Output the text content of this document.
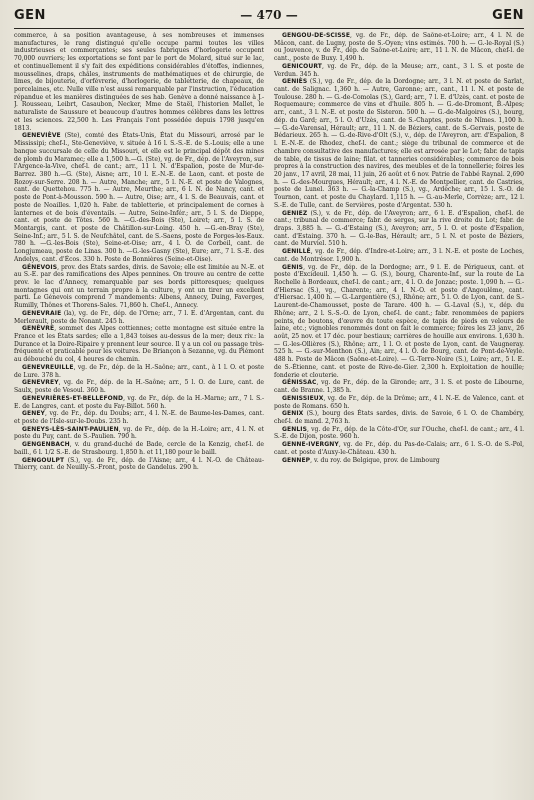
GEN	— 470 —	GEN

commerce, à sa position avantageuse, à ses nombreuses et immenses manufactures, le rang distingué qu'elle occupe parmi toutes les villes industrieuses et commerçantes; ses seules fabriques d'horlogerie occupent 70,000 ouvriers; les exportations se font par le port de Molard, situé sur le lac, et continuellement il s'y fait des expéditions considérables d'étoffes, indiennes, mousselines, draps, châles, instruments de mathématiques et de chirurgie, de limes, de bijouterie, d'orfévrerie, d'horlogerie, de tabletterie, de chapeaux, de porcelaines, etc. Nulle ville n'est aussi remarquable par l'instruction, l'éducation répandue et les manières distinguées de ses hab. Genève a donné naissance à J.-J. Rousseau, Leibrt, Casaubon, Necker, Mme de Staël, l'historien Mallet, le naturaliste de Saussure et beaucoup d'autres hommes célèbres dans les lettres et les sciences. 22,500 h. Les Français l'ont possédée depuis 1798 jusqu'en 1813.

GENEVIÈVE (Ste), comté des États-Unis, État du Missouri, arrosé par le Mississipi; chef-l., Ste-Geneviève, v. située à 16 l. S.-S.-E. de S.-Louis; elle a une banque succursale de celle du Missouri, et elle est le principal dépôt des mines de plomb du Maramec; elle a 1,500 h.—G. (Ste), vg. de Fr., dép. de l'Aveyron, sur l'Argence-la-Vive, chef-l. de cant.; arr., 11 l. N. d'Espalion, poste de Mur-de-Barrez. 380 h.—G. (Ste), Aisne; arr., 10 l. E.-N.-E. de Laon, cant. et poste de Rozoy-sur-Serre. 208 h. — Autre, Manche; arr., 5 l. N.-E. et poste de Valognes, cant. de Quettehou. 775 h. — Autre, Meurthe; arr., 6 l. N. de Nancy, cant. et poste de Pont-à-Mousson. 590 h. — Autre, Oise; arr., 4 l. S. de Beauvais, cant. et poste de Noailles. 1,020 h. Fabr. de tabletterie, et principalement de cornes à lanternes et de bois d'éventails. — Autre, Seine-Infér.; arr., 5 l. S. de Dieppe, cant. et poste de Tôtes. 560 h. —G.-des-Bois (Ste), Loiret; arr., 5 l. S. de Montargis, cant. et poste de Châtillon-sur-Loing. 450 h. —G.-en-Bray (Ste), Seine-Inf.; arr., 5 l. S. de Neufchâtel, cant. de S.-Saens, poste de Forges-les-Eaux. 780 h. —G.-les-Bois (Ste), Seine-et-Oise; arr., 4 l. O. de Corbeil, cant. de Longjumeau, poste de Linas. 300 h. —G.-les-Gasny (Ste), Eure; arr., 7 l. S.-E. des Andelys, cant. d'Écos. 330 h. Poste de Bonnières (Seine-et-Oise).

GÉNEVOIS, prov. des États sardes, divis. de Savoie; elle est limitée au N.-E. et au S.-E. par des ramifications des Alpes pennines. On trouve au centre de cette prov. le lac d'Annecy, remarquable par ses bords pittoresques; quelques montagnes qui ont un terrain propre à la culture, y ont un tirer un excellent parti. Le Génevois comprend 7 mandements: Albens, Annecy, Duing, Faverges, Rumilly, Thônes et Thorens-Sales. 71,860 h. Chef-l., Annecy.

GENEVRAIE (la), vg. de Fr., dép. de l'Orne; arr., 7 l. E. d'Argentan, cant. du Merlerault, poste de Nonant. 245 h.

GENÈVRE, sommet des Alpes cottiennes; cette montagne est située entre la France et les États sardes; elle a 1,843 toises au-dessus de la mer; deux riv.: la Durance et la Doire-Ripaire y prennent leur source. Il y a un col ou passage très-fréquenté et praticable pour les voitures. De Briançon à Sezanne, vg. du Piémont au débouché du col, 4 heures de chemin.

GENEVREUILLE, vg. de Fr., dép. de la H.-Saône; arr., cant., à 1 l. O. et poste de Lure. 378 h.

GENEVREY, vg. de Fr., dép. de la H.-Saône; arr., 5 l. O. de Lure, cant. de Saulx, poste de Vesoul. 360 h.

GENEVRIÈRES-ET-BELLEFOND, vg. de Fr., dép. de la H.-Marne; arr., 7 l. S.-E. de Langres, cant. et poste du Fay-Billot. 560 h.

GENEY, vg. de Fr., dép. du Doubs; arr., 4 l. N.-E. de Baume-les-Dames, cant. et poste de l'Isle-sur-le-Doubs. 235 h.

GENEYS-LÈS-SAINT-PAULIEN, vg. de Fr., dép. de la H.-Loire; arr., 4 l. N. et poste du Puy, cant. de S.-Paulien. 790 h.

GENGENBACH, v. du grand-duché de Bade, cercle de la Kenzig, chef-l. de baill., 6 l. 1/2 S.-E. de Strasbourg. 1,850 h. et 11,180 pour le baill.

GENGOULPT (S.), vg. de Fr., dép. de l'Aisne; arr., 4 l. N.-O. de Château-Thierry, cant. de Neuilly-S.-Front, poste de Gandelus. 290 h.

GENGOU-DE-SCISSÉ, vg. de Fr., dép. de Saône-et-Loire; arr., 4 l. N. de Mâcon, cant. de Lugny, poste de S.-Oyen; vins estimés. 700 h. — G.-le-Royal (S.) ou Jouvence, v. de Fr., dép. de Saône-et-Loire; arr., 11 l. N. de Mâcon, chef-l. de cant., poste de Buxy. 1,490 h.

GENICOURT, vg. de Fr., dép. de la Meuse; arr., cant., 3 l. S. et poste de Verdun. 345 h.

GENIÈS (S.), vg. de Fr., dép. de la Dordogne; arr., 3 l. N. et poste de Sarlat, cant. de Salignac. 1,360 h. — Autre, Garonne; arr., cant., 11 l. N. et poste de Toulouse. 280 h. — G.-de-Comolas (S.), Gard; arr., 7 l. E. d'Uzès, cant. et poste de Roquemaure; commerce de vins et d'huile. 805 h. — G.-de-Dromont, B.-Alpes; arr., cant., 3 l. N.-E. et poste de Sisteron. 500 h. — G.-de-Malgoires (S.), bourg, dép. du Gard; arr., 5 l. O. d'Uzès, cant. de S.-Chaptes, poste de Nîmes. 1,100 h. — G.-de-Varensal, Hérault; arr., 11 l. N. de Béziers, cant. de S.-Gervais, poste de Bédarieux. 265 h. — G.-de-Rive-d'Olt (S.), v., dép. de l'Aveyron, arr. d'Espalion, 8 l. E.-N.-E. de Rhodez, chef-l. de cant.; siège du tribunal de commerce et de chambre consultative des manufactures; elle est arrosée par le Lot; fabr. de tapis de table, de tissus de laine; filat. et tanneries considérables; commerce de bois propres à la construction des navires, des meubles et de la tonnellerie; foires les 20 janv., 17 avril, 28 mai, 11 juin, 26 août et 6 nov. Patrie de l'abbé Raynal. 2,690 h. — G.-des-Mourgues, Hérault; arr., 4 l. N.-E. de Montpellier, cant. de Castries, poste de Lunel. 363 h. — G.-la-Champ (S.), vg., Ardèche; arr., 15 l. S.-O. de Tournon, cant. et poste du Chaylard. 1,115 h. — G.-au-Merle, Corrèze; arr., 12 l. S.-E. de Tulle, cant. de Servières, poste d'Argentat. 530 h.

GENIEZ (S.), v. de Fr., dép. de l'Aveyron; arr., 6 l. E. d'Espalion, chef-l. de cant.; tribunal de commerce; fabr. de serges, sur la rive droite du Lot; fabr. de draps. 3,885 h. — G.-d'Estaing (S.), Aveyron; arr., 5 l. O. et poste d'Espalion, cant. d'Estaing. 370 h. — G.-le-Bas, Hérault; arr., 5 l. N. et poste de Béziers, cant. de Murviel. 510 h.

GENILLÉ, vg. de Fr., dép. d'Indre-et-Loire; arr., 3 l. N.-E. et poste de Loches, cant. de Montrésor. 1,900 h.

GENIS, vg. de Fr., dép. de la Dordogne; arr., 9 l. E. de Périgueux, cant. et poste d'Excideuil. 1,450 h. — G. (S.), bourg, Charente-Inf., sur la route de La Rochelle à Bordeaux, chef-l. de cant.; arr., 4 l. O. de Jonzac; poste. 1,090 h. — G.-d'Hiersac (S.), vg., Charente; arr., 4 l. N.-O. et poste d'Angoulême, cant. d'Hiersac. 1,400 h. — G.-Largentière (S.), Rhône; arr., 5 l. O. de Lyon, cant. de S.-Laurent-de-Chamousset, poste de Tarare. 400 h. — G.-Laval (S.), v., dép. du Rhône; arr., 2 l. S.-S.-O. de Lyon, chef-l. de cant.; fabr. renommées de papiers peints, de boutons, d'œuvre du toute espèce, de tapis de pieds en velours de laine, etc.; vignobles renommés dont on fait le commerce; foires les 23 janv., 26 août, 25 nov. et 17 déc. pour bestiaux; carrières de houille aux environs. 1,630 h. — G.-les-Ollières (S.), Rhône; arr., 1 l. O. et poste de Lyon, cant. de Vaugneray. 525 h. — G.-sur-Menthon (S.), Ain; arr., 4 l. O. de Bourg, cant. de Pont-de-Veyle. 488 h. Poste de Mâcon (Saône-et-Loire). — G.-Terre-Noire (S.), Loire; arr., 5 l. E. de S.-Étienne, cant. et poste de Rive-de-Gier. 2,300 h. Exploitation de houille; fonderie et clouterie.

GÉNISSAC, vg. de Fr., dép. de la Gironde; arr., 3 l. S. et poste de Libourne, cant. de Branne. 1,385 h.

GENISSIEUX, vg. de Fr., dép. de la Drôme; arr., 4 l. N.-E. de Valence, cant. et poste de Romans. 650 h.

GENIX (S.), bourg des États sardes, divis. de Savoie, 6 l. O. de Chambéry, chef-l. de mand. 2,763 h.

GENLIS, vg. de Fr., dép. de la Côte-d'Or, sur l'Ouche, chef-l. de cant.; arr., 4 l. S.-E. de Dijon, poste. 960 h.

GENNE-IVERGNY, vg. de Fr., dép. du Pas-de-Calais; arr., 6 l. S.-O. de S.-Pol, cant. et poste d'Auxy-le-Château. 430 h.

GENNEP, v. du roy. de Belgique, prov. de Limbourg
